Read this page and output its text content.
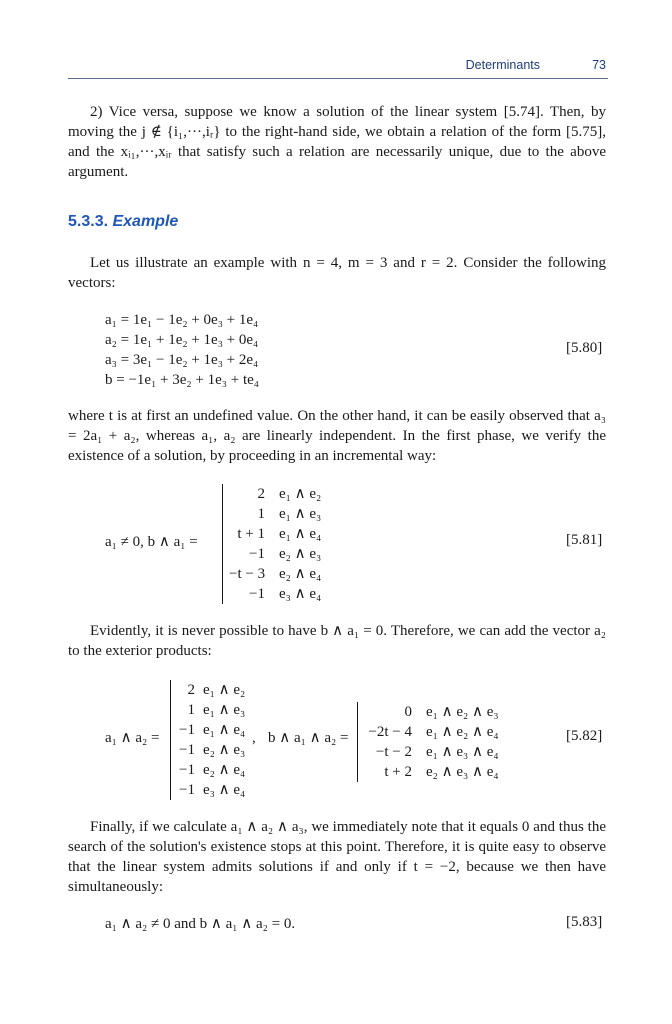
Determinants	73

2) Vice versa, suppose we know a solution of the linear system [5.74]. Then, by moving the j ∉ {i₁,···,iᵣ} to the right-hand side, we obtain a relation of the form [5.75], and the xᵢ₁,···,xᵢᵣ that satisfy such a relation are necessarily unique, due to the above argument.

5.3.3. Example

Let us illustrate an example with n = 4, m = 3 and r = 2. Consider the following vectors:

a₁ = 1e₁ − 1e₂ + 0e₃ + 1e₄
a₂ = 1e₁ + 1e₂ + 1e₃ + 0e₄
a₃ = 3e₁ − 1e₂ + 1e₃ + 2e₄
b = −1e₁ + 3e₂ + 1e₃ + te₄
[5.80]

where t is at first an undefined value. On the other hand, it can be easily observed that a₃ = 2a₁ + a₂, whereas a₁, a₂ are linearly independent. In the first phase, we verify the existence of a solution, by proceeding in an incremental way:

a₁ ≠ 0, b ∧ a₁ =
2 e₁ ∧ e₂
1 e₁ ∧ e₃
t + 1 e₁ ∧ e₄
−1 e₂ ∧ e₃
−t − 3 e₂ ∧ e₄
−1 e₃ ∧ e₄
[5.81]

Evidently, it is never possible to have b ∧ a₁ = 0. Therefore, we can add the vector a₂ to the exterior products:

a₁ ∧ a₂ =
2 e₁ ∧ e₂
1 e₁ ∧ e₃
−1 e₁ ∧ e₄
−1 e₂ ∧ e₃
−1 e₂ ∧ e₄
−1 e₃ ∧ e₄
, b ∧ a₁ ∧ a₂ =
0 e₁ ∧ e₂ ∧ e₃
−2t − 4 e₁ ∧ e₂ ∧ e₄
−t − 2 e₁ ∧ e₃ ∧ e₄
t + 2 e₂ ∧ e₃ ∧ e₄
[5.82]

Finally, if we calculate a₁ ∧ a₂ ∧ a₃, we immediately note that it equals 0 and thus the search of the solution's existence stops at this point. Therefore, it is quite easy to observe that the linear system admits solutions if and only if t = −2, because we then have simultaneously:

a₁ ∧ a₂ ≠ 0 and b ∧ a₁ ∧ a₂ = 0.	[5.83]
